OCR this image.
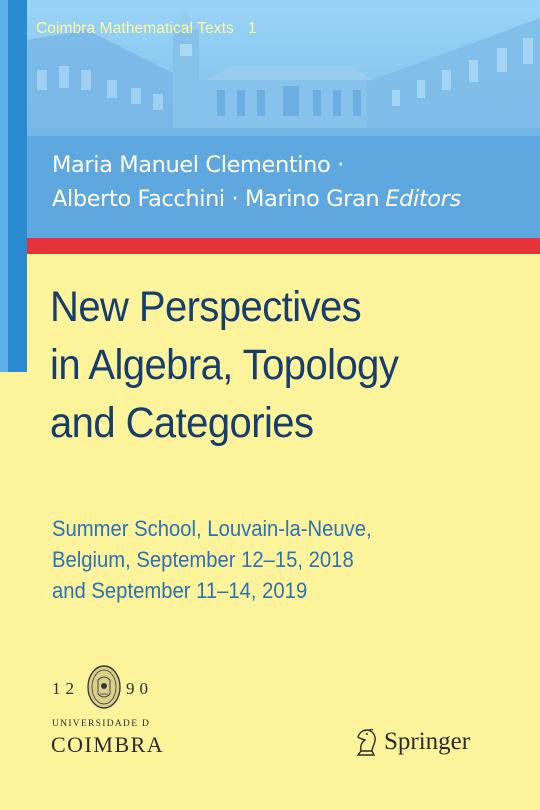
Coimbra Mathematical Texts 1
Maria Manuel Clementino ·
Alberto Facchini · Marino Gran Editors
New Perspectives
in Algebra, Topology
and Categories
Summer School, Louvain-la-Neuve,
Belgium, September 12–15, 2018
and September 11–14, 2019
12	90
UNIVERSIDADE D
COIMBRA	Springer
